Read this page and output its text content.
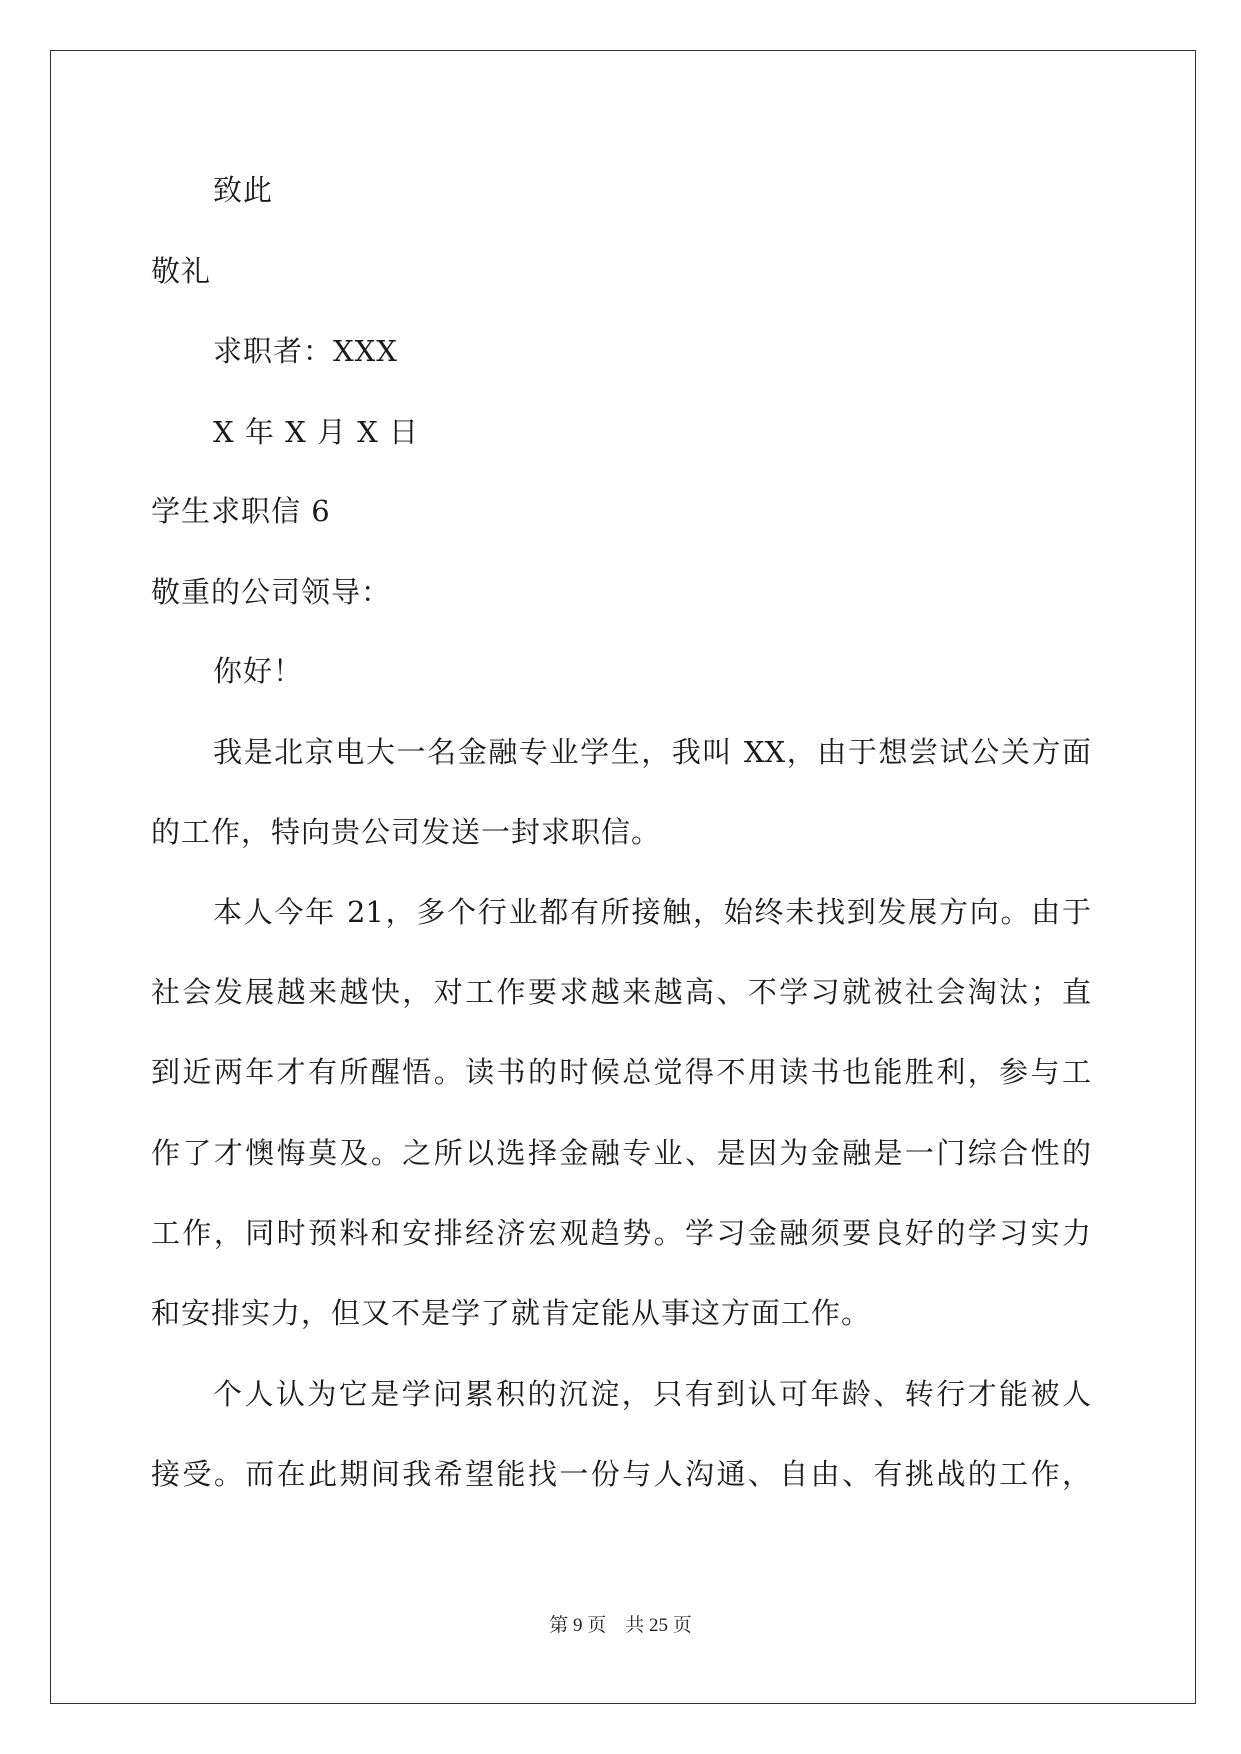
致此
敬礼
求职者：XXX
X 年 X 月 X 日
学生求职信 6
敬重的公司领导：
你好！
我是北京电大一名金融专业学生，我叫 XX，由于想尝试公关方面
的工作，特向贵公司发送一封求职信。
本人今年 21，多个行业都有所接触，始终未找到发展方向。由于
社会发展越来越快，对工作要求越来越高、不学习就被社会淘汰；直
到近两年才有所醒悟。读书的时候总觉得不用读书也能胜利，参与工
作了才懊悔莫及。之所以选择金融专业、是因为金融是一门综合性的
工作，同时预料和安排经济宏观趋势。学习金融须要良好的学习实力
和安排实力，但又不是学了就肯定能从事这方面工作。
个人认为它是学问累积的沉淀，只有到认可年龄、转行才能被人
接受。而在此期间我希望能找一份与人沟通、自由、有挑战的工作，
第 9 页 共 25 页
